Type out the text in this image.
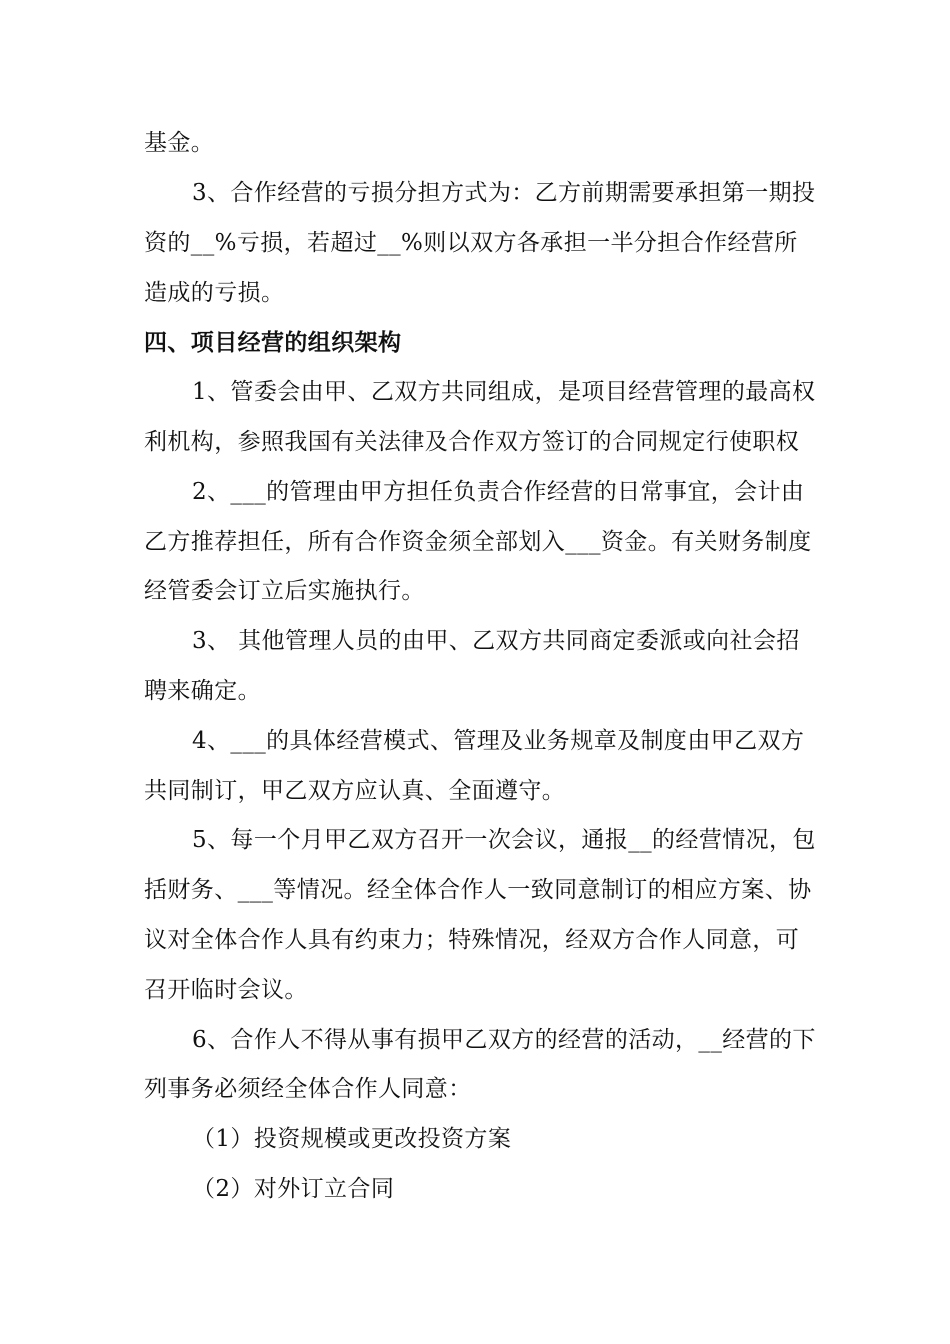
基金。
3、合作经营的亏损分担方式为：乙方前期需要承担第一期投
资的__%亏损，若超过__%则以双方各承担一半分担合作经营所
造成的亏损。
四、项目经营的组织架构
1、管委会由甲、乙双方共同组成，是项目经营管理的最高权
利机构，参照我国有关法律及合作双方签订的合同规定行使职权
2、___的管理由甲方担任负责合作经营的日常事宜，会计由
乙方推荐担任，所有合作资金须全部划入___资金。有关财务制度
经管委会订立后实施执行。
3、 其他管理人员的由甲、乙双方共同商定委派或向社会招
聘来确定。
4、___的具体经营模式、管理及业务规章及制度由甲乙双方
共同制订，甲乙双方应认真、全面遵守。
5、每一个月甲乙双方召开一次会议，通报__的经营情况，包
括财务、___等情况。经全体合作人一致同意制订的相应方案、协
议对全体合作人具有约束力；特殊情况，经双方合作人同意，可
召开临时会议。
6、合作人不得从事有损甲乙双方的经营的活动，__经营的下
列事务必须经全体合作人同意：
（1）投资规模或更改投资方案
（2）对外订立合同
